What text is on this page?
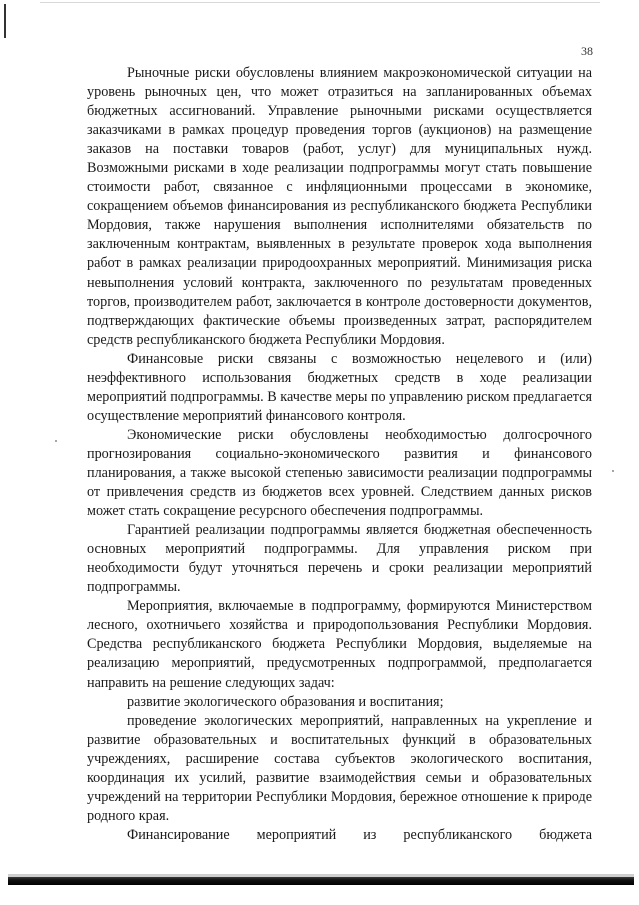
38

Рыночные риски обусловлены влиянием макроэкономической ситуации на уровень рыночных цен, что может отразиться на запланированных объемах бюджетных ассигнований. Управление рыночными рисками осуществляется заказчиками в рамках процедур проведения торгов (аукционов) на размещение заказов на поставки товаров (работ, услуг) для муниципальных нужд. Возможными рисками в ходе реализации подпрограммы могут стать повышение стоимости работ, связанное с инфляционными процессами в экономике, сокращением объемов финансирования из республиканского бюджета Республики Мордовия, также нарушения выполнения исполнителями обязательств по заключенным контрактам, выявленных в результате проверок хода выполнения работ в рамках реализации природоохранных мероприятий. Минимизация риска невыполнения условий контракта, заключенного по результатам проведенных торгов, производителем работ, заключается в контроле достоверности документов, подтверждающих фактические объемы произведенных затрат, распорядителем средств республиканского бюджета Республики Мордовия.

Финансовые риски связаны с возможностью нецелевого и (или) неэффективного использования бюджетных средств в ходе реализации мероприятий подпрограммы. В качестве меры по управлению риском предлагается осуществление мероприятий финансового контроля.

Экономические риски обусловлены необходимостью долгосрочного прогнозирования социально-экономического развития и финансового планирования, а также высокой степенью зависимости реализации подпрограммы от привлечения средств из бюджетов всех уровней. Следствием данных рисков может стать сокращение ресурсного обеспечения подпрограммы.

Гарантией реализации подпрограммы является бюджетная обеспеченность основных мероприятий подпрограммы. Для управления риском при необходимости будут уточняться перечень и сроки реализации мероприятий подпрограммы.

Мероприятия, включаемые в подпрограмму, формируются Министерством лесного, охотничьего хозяйства и природопользования Республики Мордовия. Средства республиканского бюджета Республики Мордовия, выделяемые на реализацию мероприятий, предусмотренных подпрограммой, предполагается направить на решение следующих задач:

развитие экологического образования и воспитания;

проведение экологических мероприятий, направленных на укрепление и развитие образовательных и воспитательных функций в образовательных учреждениях, расширение состава субъектов экологического воспитания, координация их усилий, развитие взаимодействия семьи и образовательных учреждений на территории Республики Мордовия, бережное отношение к природе родного края.

Финансирование мероприятий из республиканского бюджета
